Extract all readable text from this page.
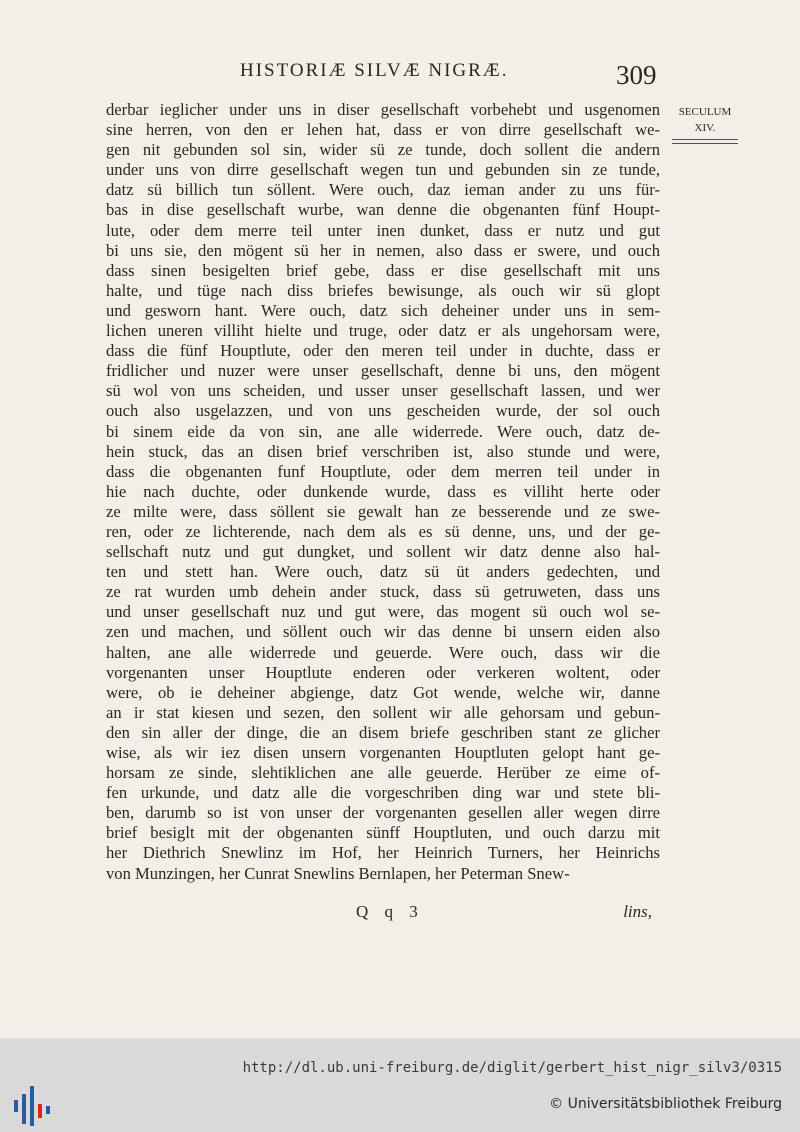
HISTORIÆ SILVÆ NIGRÆ.	309
SECULUM
XIV.
derbar ieglicher under uns in diser gesellschaft vorbehebt und usgenomen
sine herren, von den er lehen hat, dass er von dirre gesellschaft we-
gen nit gebunden sol sin, wider sü ze tunde, doch sollent die andern
under uns von dirre gesellschaft wegen tun und gebunden sin ze tunde,
datz sü billich tun söllent. Were ouch, daz ieman ander zu uns für-
bas in dise gesellschaft wurbe, wan denne die obgenanten fünf Houpt-
lute, oder dem merre teil unter inen dunket, dass er nutz und gut
bi uns sie, den mögent sü her in nemen, also dass er swere, und ouch
dass sinen besigelten brief gebe, dass er dise gesellschaft mit uns
halte, und tüge nach diss briefes bewisunge, als ouch wir sü glopt
und gesworn hant. Were ouch, datz sich deheiner under uns in sem-
lichen uneren villiht hielte und truge, oder datz er als ungehorsam were,
dass die fünf Houptlute, oder den meren teil under in duchte, dass er
fridlicher und nuzer were unser gesellschaft, denne bi uns, den mögent
sü wol von uns scheiden, und usser unser gesellschaft lassen, und wer
ouch also usgelazzen, und von uns gescheiden wurde, der sol ouch
bi sinem eide da von sin, ane alle widerrede. Were ouch, datz de-
hein stuck, das an disen brief verschriben ist, also stunde und were,
dass die obgenanten funf Houptlute, oder dem merren teil under in
hie nach duchte, oder dunkende wurde, dass es villiht herte oder
ze milte were, dass söllent sie gewalt han ze besserende und ze swe-
ren, oder ze lichterende, nach dem als es sü denne, uns, und der ge-
sellschaft nutz und gut dungket, und sollent wir datz denne also hal-
ten und stett han. Were ouch, datz sü üt anders gedechten, und
ze rat wurden umb dehein ander stuck, dass sü getruweten, dass uns
und unser gesellschaft nuz und gut were, das mogent sü ouch wol se-
zen und machen, und söllent ouch wir das denne bi unsern eiden also
halten, ane alle widerrede und geuerde. Were ouch, dass wir die
vorgenanten unser Houptlute enderen oder verkeren woltent, oder
were, ob ie deheiner abgienge, datz Got wende, welche wir, danne
an ir stat kiesen und sezen, den sollent wir alle gehorsam und gebun-
den sin aller der dinge, die an disem briefe geschriben stant ze glicher
wise, als wir iez disen unsern vorgenanten Houptluten gelopt hant ge-
horsam ze sinde, slehtiklichen ane alle geuerde. Herüber ze eime of-
fen urkunde, und datz alle die vorgeschriben ding war und stete bli-
ben, darumb so ist von unser der vorgenanten gesellen aller wegen dirre
brief besiglt mit der obgenanten sünff Houptluten, und ouch darzu mit
her Diethrich Snewlinz im Hof, her Heinrich Turners, her Heinrichs
von Munzingen, her Cunrat Snewlins Bernlapen, her Peterman Snew-
Q q 3	lins,
http://dl.ub.uni-freiburg.de/diglit/gerbert_hist_nigr_silv3/0315
© Universitätsbibliothek Freiburg
